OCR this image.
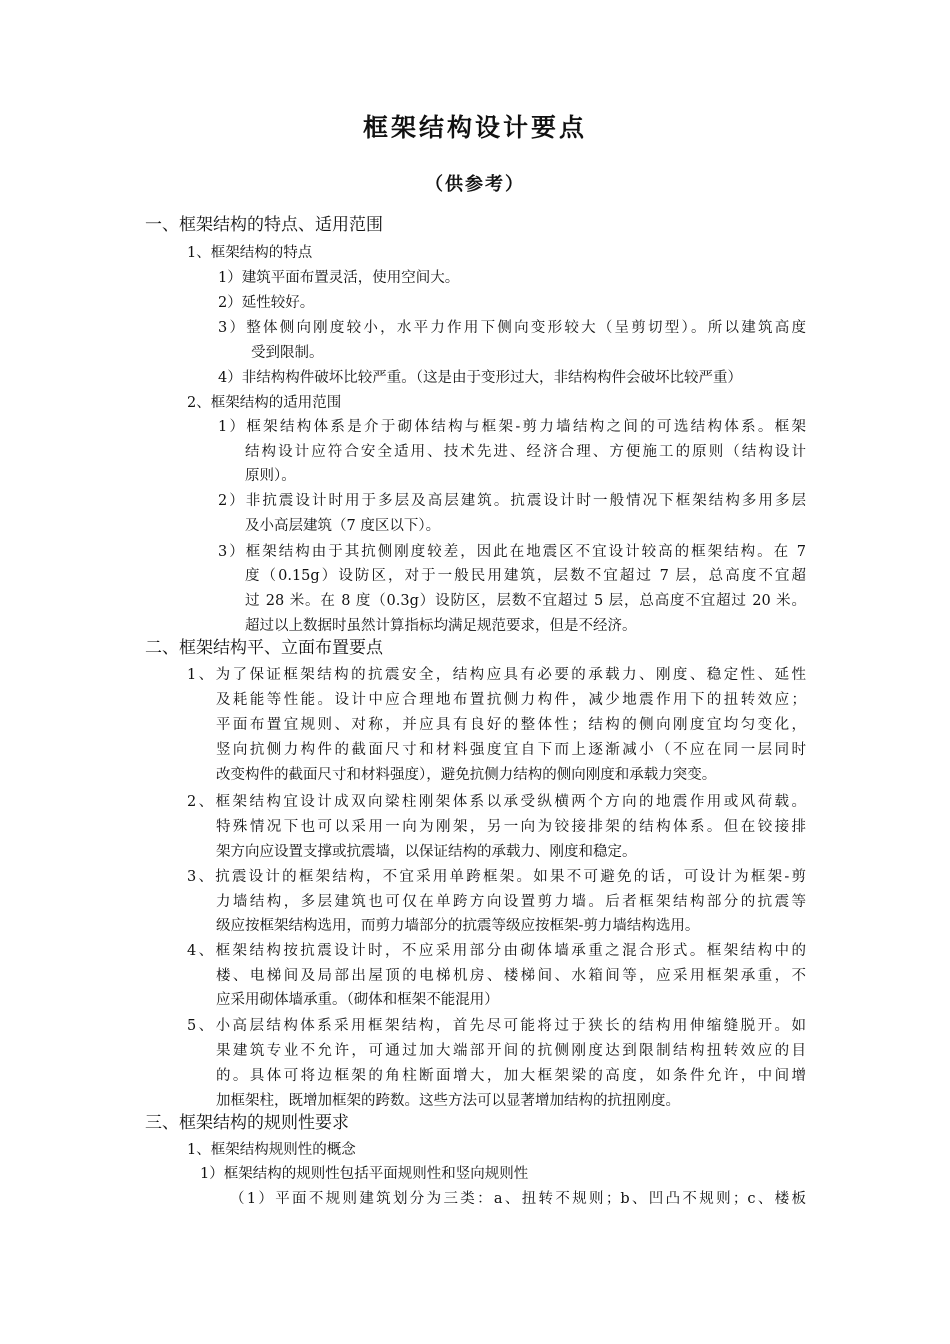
框架结构设计要点
（供参考）
一、框架结构的特点、适用范围
1、框架结构的特点
1）建筑平面布置灵活，使用空间大。
2）延性较好。
3）整体侧向刚度较小，水平力作用下侧向变形较大（呈剪切型）。所以建筑高度
受到限制。
4）非结构构件破坏比较严重。（这是由于变形过大，非结构构件会破坏比较严重）
2、框架结构的适用范围
1）框架结构体系是介于砌体结构与框架-剪力墙结构之间的可选结构体系。框架
结构设计应符合安全适用、技术先进、经济合理、方便施工的原则（结构设计
原则）。
2）非抗震设计时用于多层及高层建筑。抗震设计时一般情况下框架结构多用多层
及小高层建筑（7 度区以下）。
3）框架结构由于其抗侧刚度较差，因此在地震区不宜设计较高的框架结构。在 7
度（0.15g）设防区，对于一般民用建筑，层数不宜超过 7 层，总高度不宜超
过 28 米。在 8 度（0.3g）设防区，层数不宜超过 5 层，总高度不宜超过 20 米。
超过以上数据时虽然计算指标均满足规范要求，但是不经济。
二、框架结构平、立面布置要点
1、为了保证框架结构的抗震安全，结构应具有必要的承载力、刚度、稳定性、延性
及耗能等性能。设计中应合理地布置抗侧力构件，减少地震作用下的扭转效应；
平面布置宜规则、对称，并应具有良好的整体性；结构的侧向刚度宜均匀变化，
竖向抗侧力构件的截面尺寸和材料强度宜自下而上逐渐减小（不应在同一层同时
改变构件的截面尺寸和材料强度），避免抗侧力结构的侧向刚度和承载力突变。
2、框架结构宜设计成双向梁柱刚架体系以承受纵横两个方向的地震作用或风荷载。
特殊情况下也可以采用一向为刚架，另一向为铰接排架的结构体系。但在铰接排
架方向应设置支撑或抗震墙，以保证结构的承载力、刚度和稳定。
3、抗震设计的框架结构，不宜采用单跨框架。如果不可避免的话，可设计为框架-剪
力墙结构，多层建筑也可仅在单跨方向设置剪力墙。后者框架结构部分的抗震等
级应按框架结构选用，而剪力墙部分的抗震等级应按框架-剪力墙结构选用。
4、框架结构按抗震设计时，不应采用部分由砌体墙承重之混合形式。框架结构中的
楼、电梯间及局部出屋顶的电梯机房、楼梯间、水箱间等，应采用框架承重，不
应采用砌体墙承重。（砌体和框架不能混用）
5、小高层结构体系采用框架结构，首先尽可能将过于狭长的结构用伸缩缝脱开。如
果建筑专业不允许，可通过加大端部开间的抗侧刚度达到限制结构扭转效应的目
的。具体可将边框架的角柱断面增大，加大框架梁的高度，如条件允许，中间增
加框架柱，既增加框架的跨数。这些方法可以显著增加结构的抗扭刚度。
三、框架结构的规则性要求
1、框架结构规则性的概念
1）框架结构的规则性包括平面规则性和竖向规则性
（1）平面不规则建筑划分为三类：a、扭转不规则；b、凹凸不规则；c、楼板
